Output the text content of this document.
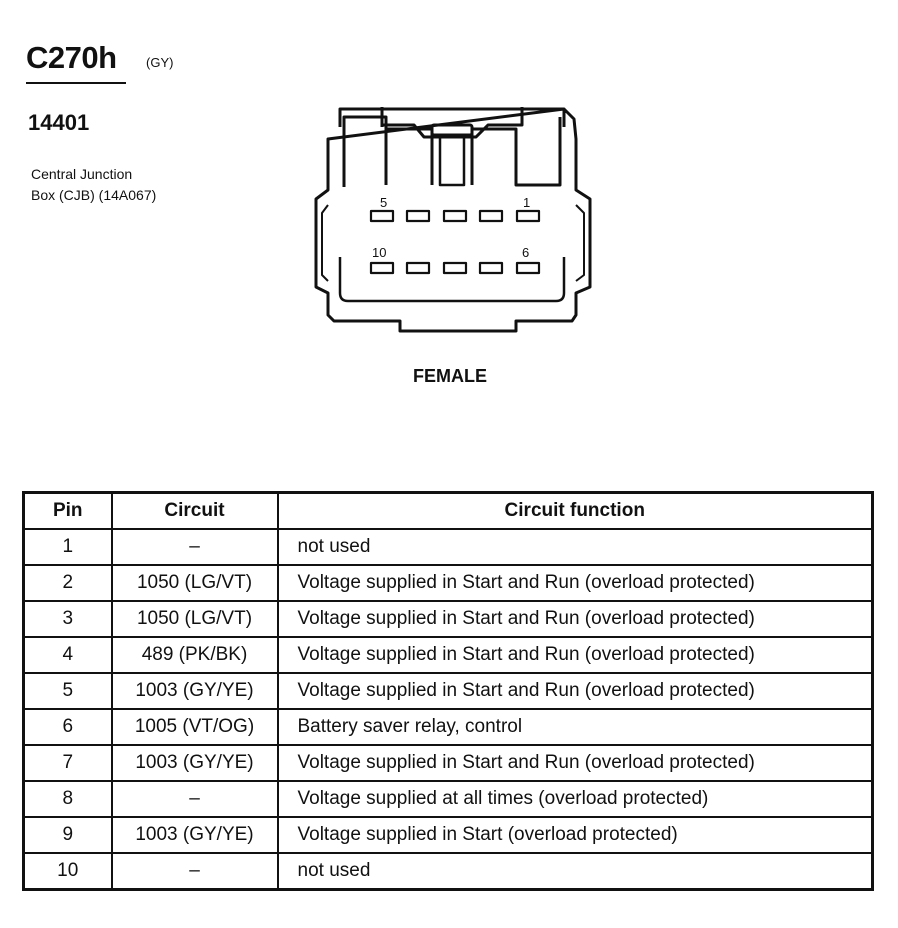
C270h (GY)
14401
Central Junction
Box (CJB) (14A067)	5	1
10	6
FEMALE
Pin	Circuit	Circuit function
1	–	not used
2	1050 (LG/VT)	Voltage supplied in Start and Run (overload protected)
3	1050 (LG/VT)	Voltage supplied in Start and Run (overload protected)
4	489 (PK/BK)	Voltage supplied in Start and Run (overload protected)
5	1003 (GY/YE)	Voltage supplied in Start and Run (overload protected)
6	1005 (VT/OG)	Battery saver relay, control
7	1003 (GY/YE)	Voltage supplied in Start and Run (overload protected)
8	–	Voltage supplied at all times (overload protected)
9	1003 (GY/YE)	Voltage supplied in Start (overload protected)
10	–	not used
